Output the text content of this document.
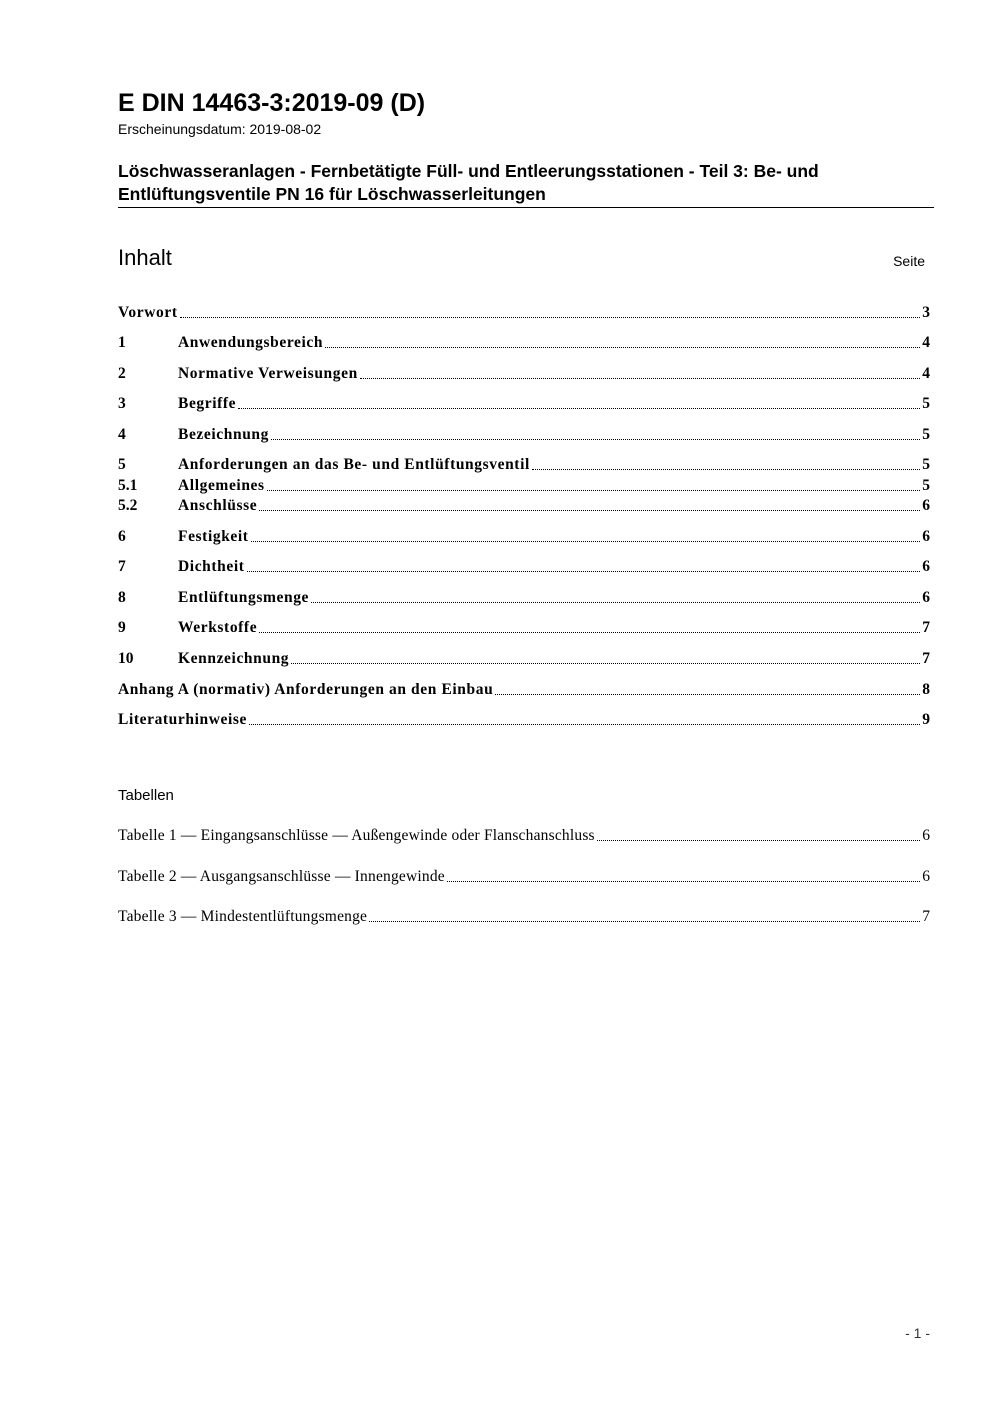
E DIN 14463-3:2019-09 (D)
Erscheinungsdatum: 2019-08-02
Löschwasseranlagen - Fernbetätigte Füll- und Entleerungsstationen - Teil 3: Be- und
Entlüftungsventile PN 16 für Löschwasserleitungen
Inhalt	Seite
Vorwort	3
1	Anwendungsbereich	4
2	Normative Verweisungen	4
3	Begriffe	5
4	Bezeichnung	5
5	Anforderungen an das Be- und Entlüftungsventil	5
5.1	Allgemeines	5
5.2	Anschlüsse	6
6	Festigkeit	6
7	Dichtheit	6
8	Entlüftungsmenge	6
9	Werkstoffe	7
10	Kennzeichnung	7
Anhang A (normativ) Anforderungen an den Einbau	8
Literaturhinweise	9
Tabellen
Tabelle 1 — Eingangsanschlüsse — Außengewinde oder Flanschanschluss	6
Tabelle 2 — Ausgangsanschlüsse — Innengewinde	6
Tabelle 3 — Mindestentlüftungsmenge	7
- 1 -
